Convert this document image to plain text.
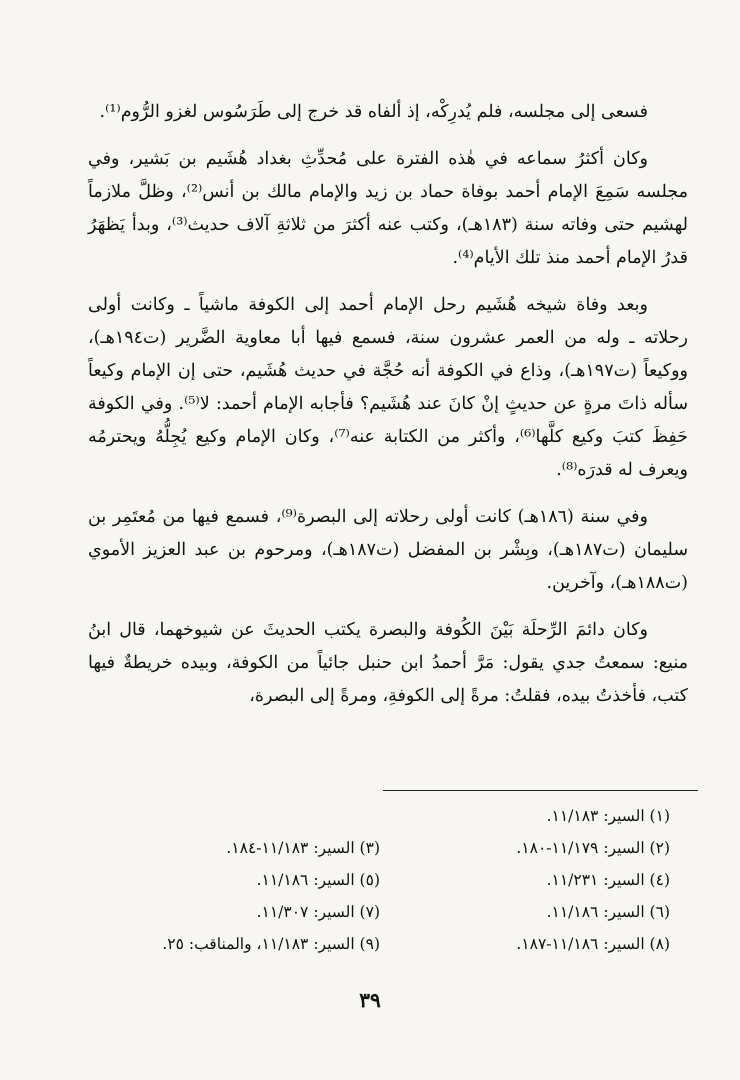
فسعى إلى مجلسه، فلم يُدرِكْه، إذ ألفاه قد خرج إلى طَرَسُوس لغزو الرُّوم⁽¹⁾.

وكان أكثرُ سماعه في هٰذه الفترة على مُحدِّثِ بغداد هُشَيم بن بَشير، وفي مجلسه سَمِعَ الإمام أحمد بوفاة حماد بن زيد والإمام مالك بن أنس⁽²⁾، وظلَّ ملازماً لهشيم حتى وفاته سنة (١٨٣هـ)، وكتب عنه أكثرَ من ثلاثةِ آلاف حديث⁽³⁾، وبدأ يَظهَرُ قدرُ الإمام أحمد منذ تلك الأيام⁽⁴⁾.

وبعد وفاة شيخه هُشَيم رحل الإمام أحمد إلى الكوفة ماشياً ـ وكانت أولى رحلاته ـ وله من العمر عشرون سنة، فسمع فيها أبا معاوية الضَّرير (ت١٩٤هـ)، ووكيعاً (ت١٩٧هـ)، وذاع في الكوفة أنه حُجَّة في حديث هُشَيم، حتى إن الإمام وكيعاً سأله ذاتَ مرةٍ عن حديثٍ إنْ كانَ عند هُشَيم؟ فأجابه الإمام أحمد: لا⁽⁵⁾. وفي الكوفة حَفِظَ كتبَ وكيع كلَّها⁽⁶⁾، وأكثر من الكتابة عنه⁽⁷⁾، وكان الإمام وكيع يُجِلُّهُ ويحترمُه ويعرف له قدرَه⁽⁸⁾.

وفي سنة (١٨٦هـ) كانت أولى رحلاته إلى البصرة⁽⁹⁾، فسمع فيها من مُعتَمِر بن سليمان (ت١٨٧هـ)، وبِشْر بن المفضل (ت١٨٧هـ)، ومرحوم بن عبد العزيز الأموي (ت١٨٨هـ)، وآخرين.

وكان دائمَ الرِّحلَة بَيْنَ الكُوفة والبصرة يكتب الحديثَ عن شيوخهما، قال ابنُ منيع: سمعتُ جدي يقول: مَرَّ أحمدُ ابن حنبل جائياً من الكوفة، وبيده خريطةٌ فيها كتب، فأخذتُ بيده، فقلتُ: مرةً إلى الكوفةِ، ومرةً إلى البصرة،

(١) السير: ١١/١٨٣.
(٢) السير: ١١/١٧٩-١٨٠.
(٣) السير: ١١/١٨٣-١٨٤.
(٤) السير: ١١/٢٣١.
(٥) السير: ١١/١٨٦.
(٦) السير: ١١/١٨٦.
(٧) السير: ١١/٣٠٧.
(٨) السير: ١١/١٨٦-١٨٧.
(٩) السير: ١١/١٨٣، والمناقب: ٢٥.
٣٩
